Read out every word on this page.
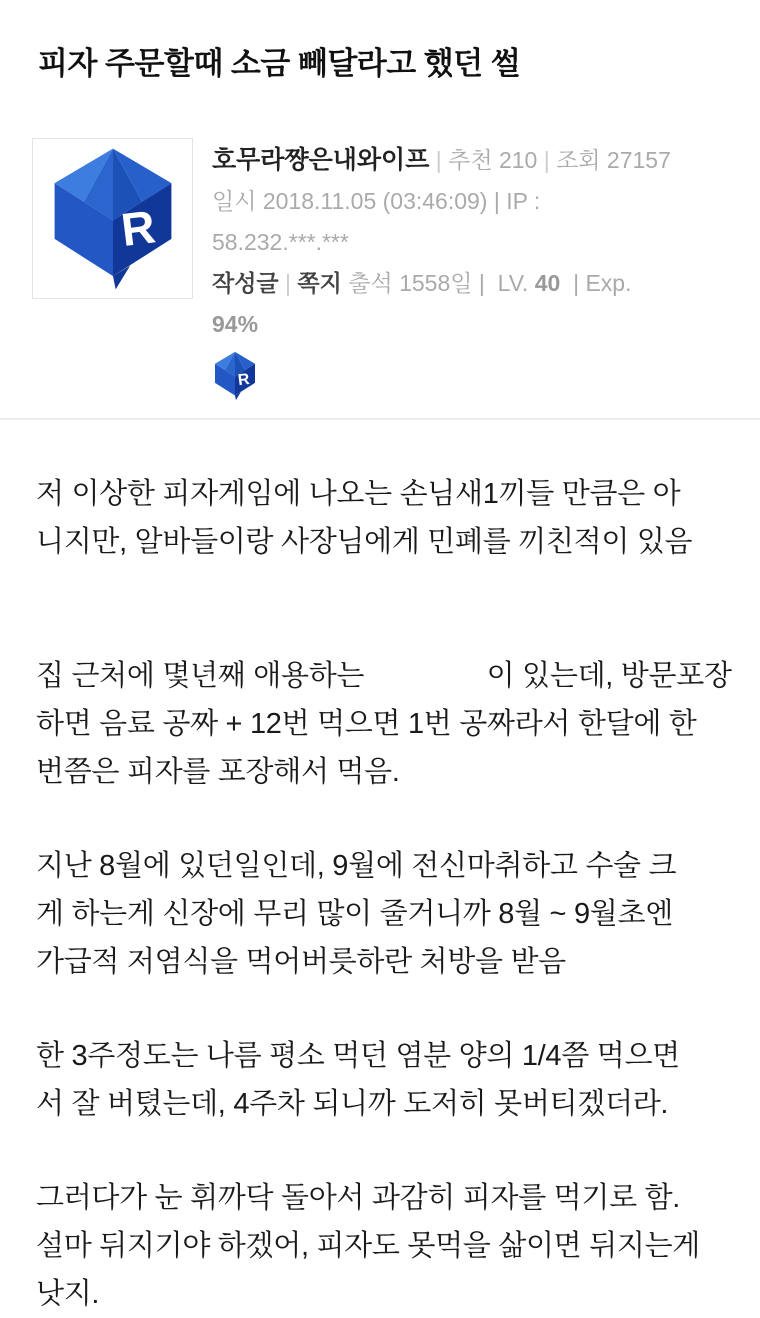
피자 주문할때 소금 빼달라고 했던 썰
R
호무라쨩은내와이프 | 추천 210 | 조회 27157
일시 2018.11.05 (03:46:09) | IP :
58.232.***.***
작성글 | 쪽지 출석 1558일 |  LV. 40  | Exp.
94%
R
저 이상한 피자게임에 나오는 손님새1끼들 만큼은 아
니지만, 알바들이랑 사장님에게 민폐를 끼친적이 있음
집 근처에 몇년째 애용하는　　　　 이 있는데, 방문포장
하면 음료 공짜 + 12번 먹으면 1번 공짜라서 한달에 한
번쯤은 피자를 포장해서 먹음.
지난 8월에 있던일인데, 9월에 전신마취하고 수술 크
게 하는게 신장에 무리 많이 줄거니까 8월 ~ 9월초엔
가급적 저염식을 먹어버릇하란 처방을 받음
한 3주정도는 나름 평소 먹던 염분 양의 1/4쯤 먹으면
서 잘 버텼는데, 4주차 되니까 도저히 못버티겠더라.
그러다가 눈 휘까닥 돌아서 과감히 피자를 먹기로 함.
설마 뒤지기야 하겠어, 피자도 못먹을 삶이면 뒤지는게
낫지.
